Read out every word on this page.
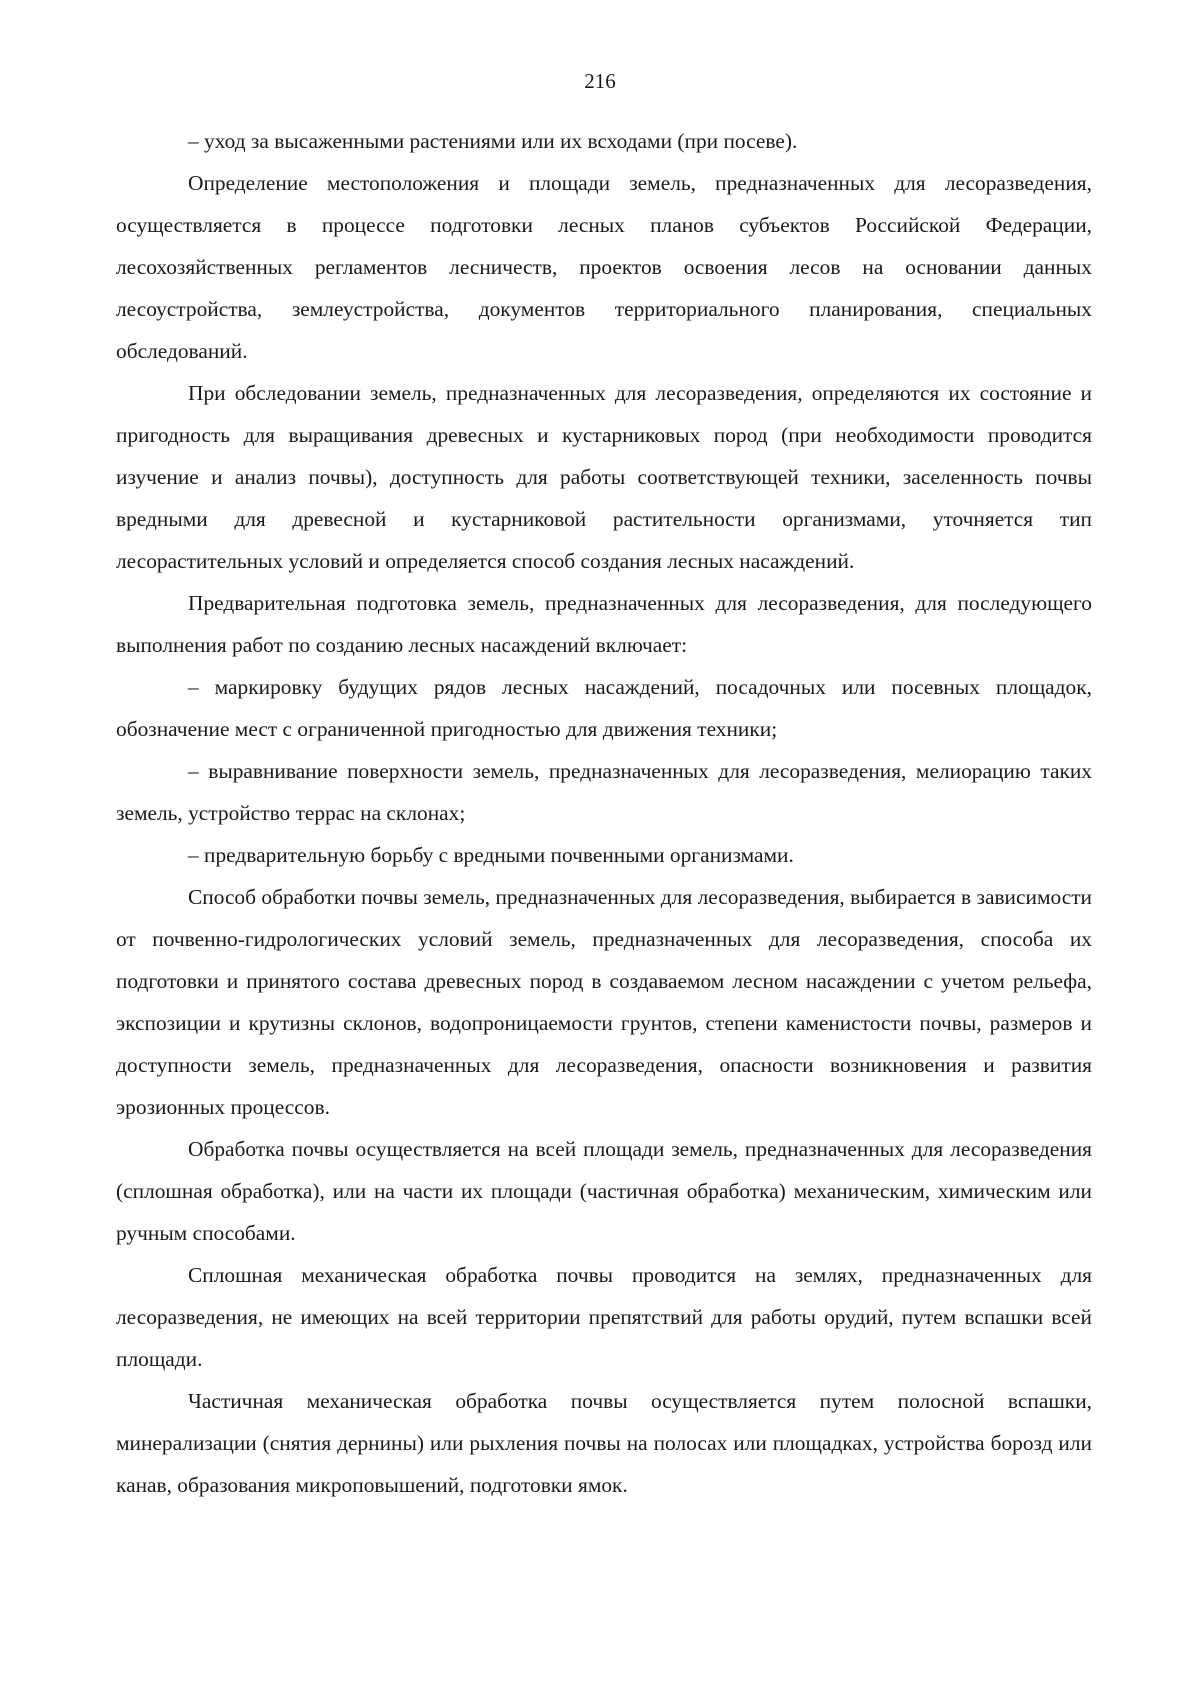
216

– уход за высаженными растениями или их всходами (при посеве).

Определение местоположения и площади земель, предназначенных для лесоразведения, осуществляется в процессе подготовки лесных планов субъектов Российской Федерации, лесохозяйственных регламентов лесничеств, проектов освоения лесов на основании данных лесоустройства, землеустройства, документов территориального планирования, специальных обследований.

При обследовании земель, предназначенных для лесоразведения, определяются их состояние и пригодность для выращивания древесных и кустарниковых пород (при необходимости проводится изучение и анализ почвы), доступность для работы соответствующей техники, заселенность почвы вредными для древесной и кустарниковой растительности организмами, уточняется тип лесорастительных условий и определяется способ создания лесных насаждений.

Предварительная подготовка земель, предназначенных для лесоразведения, для последующего выполнения работ по созданию лесных насаждений включает:

– маркировку будущих рядов лесных насаждений, посадочных или посевных площадок, обозначение мест с ограниченной пригодностью для движения техники;

– выравнивание поверхности земель, предназначенных для лесоразведения, мелиорацию таких земель, устройство террас на склонах;

– предварительную борьбу с вредными почвенными организмами.

Способ обработки почвы земель, предназначенных для лесоразведения, выбирается в зависимости от почвенно-гидрологических условий земель, предназначенных для лесоразведения, способа их подготовки и принятого состава древесных пород в создаваемом лесном насаждении с учетом рельефа, экспозиции и крутизны склонов, водопроницаемости грунтов, степени каменистости почвы, размеров и доступности земель, предназначенных для лесоразведения, опасности возникновения и развития эрозионных процессов.

Обработка почвы осуществляется на всей площади земель, предназначенных для лесоразведения (сплошная обработка), или на части их площади (частичная обработка) механическим, химическим или ручным способами.

Сплошная механическая обработка почвы проводится на землях, предназначенных для лесоразведения, не имеющих на всей территории препятствий для работы орудий, путем вспашки всей площади.

Частичная механическая обработка почвы осуществляется путем полосной вспашки, минерализации (снятия дернины) или рыхления почвы на полосах или площадках, устройства борозд или канав, образования микроповышений, подготовки ямок.
